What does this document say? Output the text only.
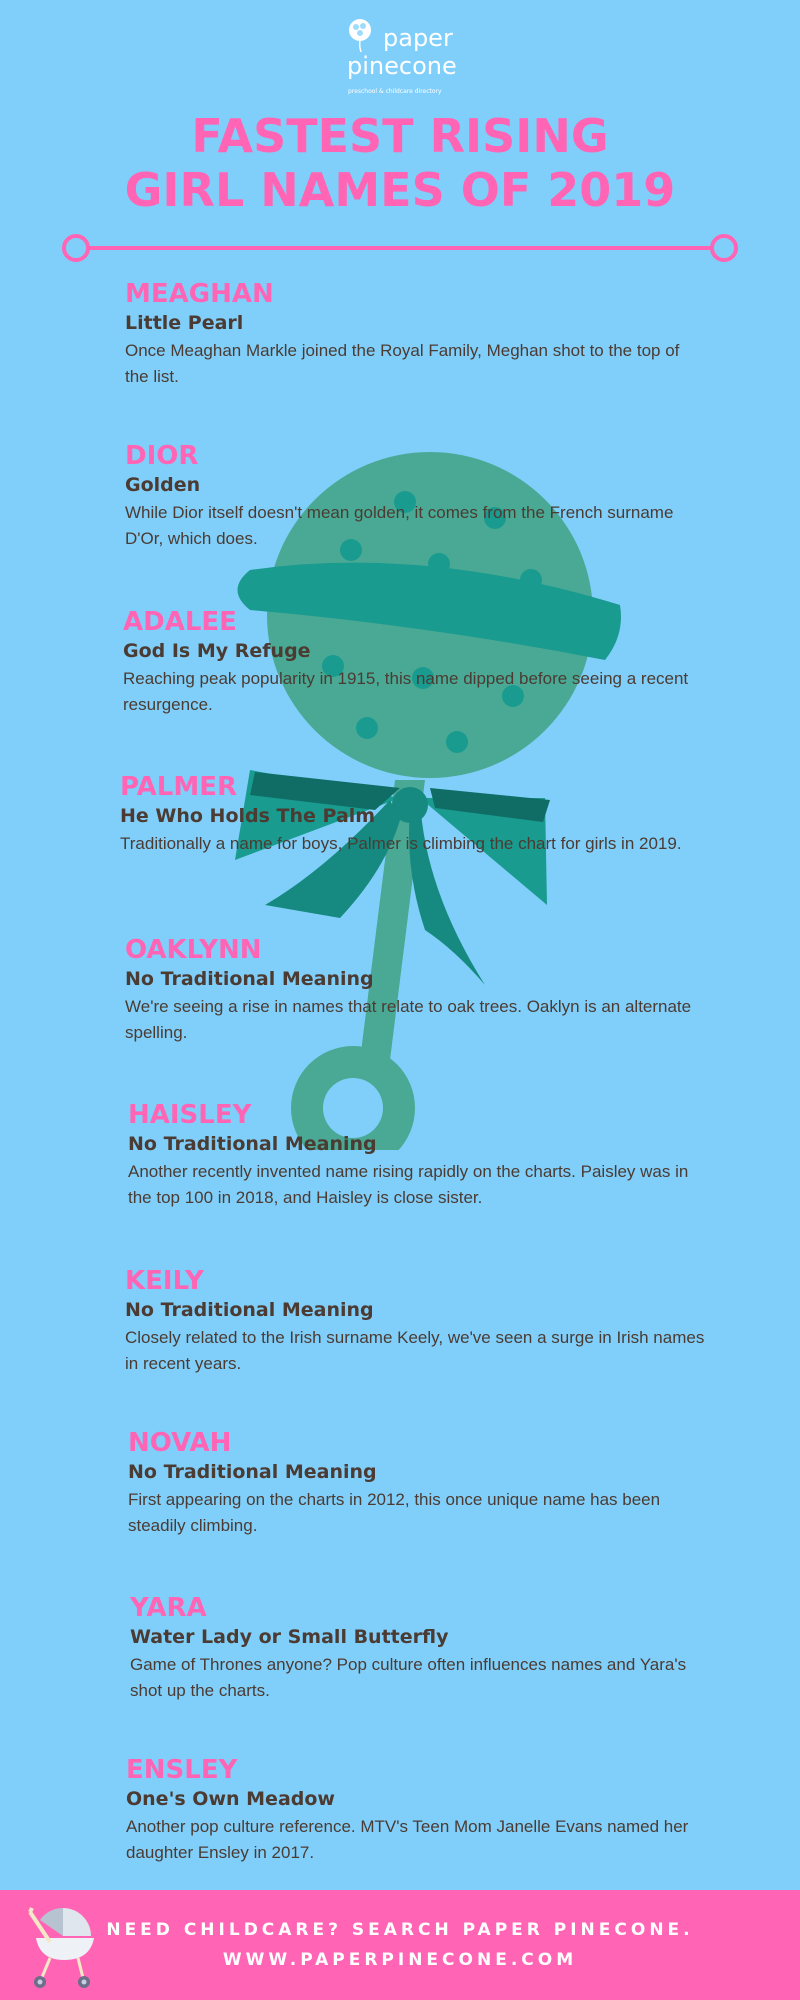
paper
pinecone
preschool & childcare directory
FASTEST RISING
GIRL NAMES OF 2019
MEAGHAN
Little Pearl
Once Meaghan Markle joined the Royal Family, Meghan shot to the top of the list.
DIOR
Golden
While Dior itself doesn't mean golden, it comes from the French surname D'Or, which does.
ADALEE
God Is My Refuge
Reaching peak popularity in 1915, this name dipped before seeing a recent resurgence.
PALMER
He Who Holds The Palm
Traditionally a name for boys, Palmer is climbing the chart for girls in 2019.
OAKLYNN
No Traditional Meaning
We're seeing a rise in names that relate to oak trees. Oaklyn is an alternate spelling.
HAISLEY
No Traditional Meaning
Another recently invented name rising rapidly on the charts. Paisley was in the top 100 in 2018, and Haisley is close sister.
KEILY
No Traditional Meaning
Closely related to the Irish surname Keely, we've seen a surge in Irish names in recent years.
NOVAH
No Traditional Meaning
First appearing on the charts in 2012, this once unique name has been steadily climbing.
YARA
Water Lady or Small Butterfly
Game of Thrones anyone? Pop culture often influences names and Yara's shot up the charts.
ENSLEY
One's Own Meadow
Another pop culture reference. MTV's Teen Mom Janelle Evans named her daughter Ensley in 2017.
NEED CHILDCARE? SEARCH PAPER PINECONE.
WWW.PAPERPINECONE.COM
